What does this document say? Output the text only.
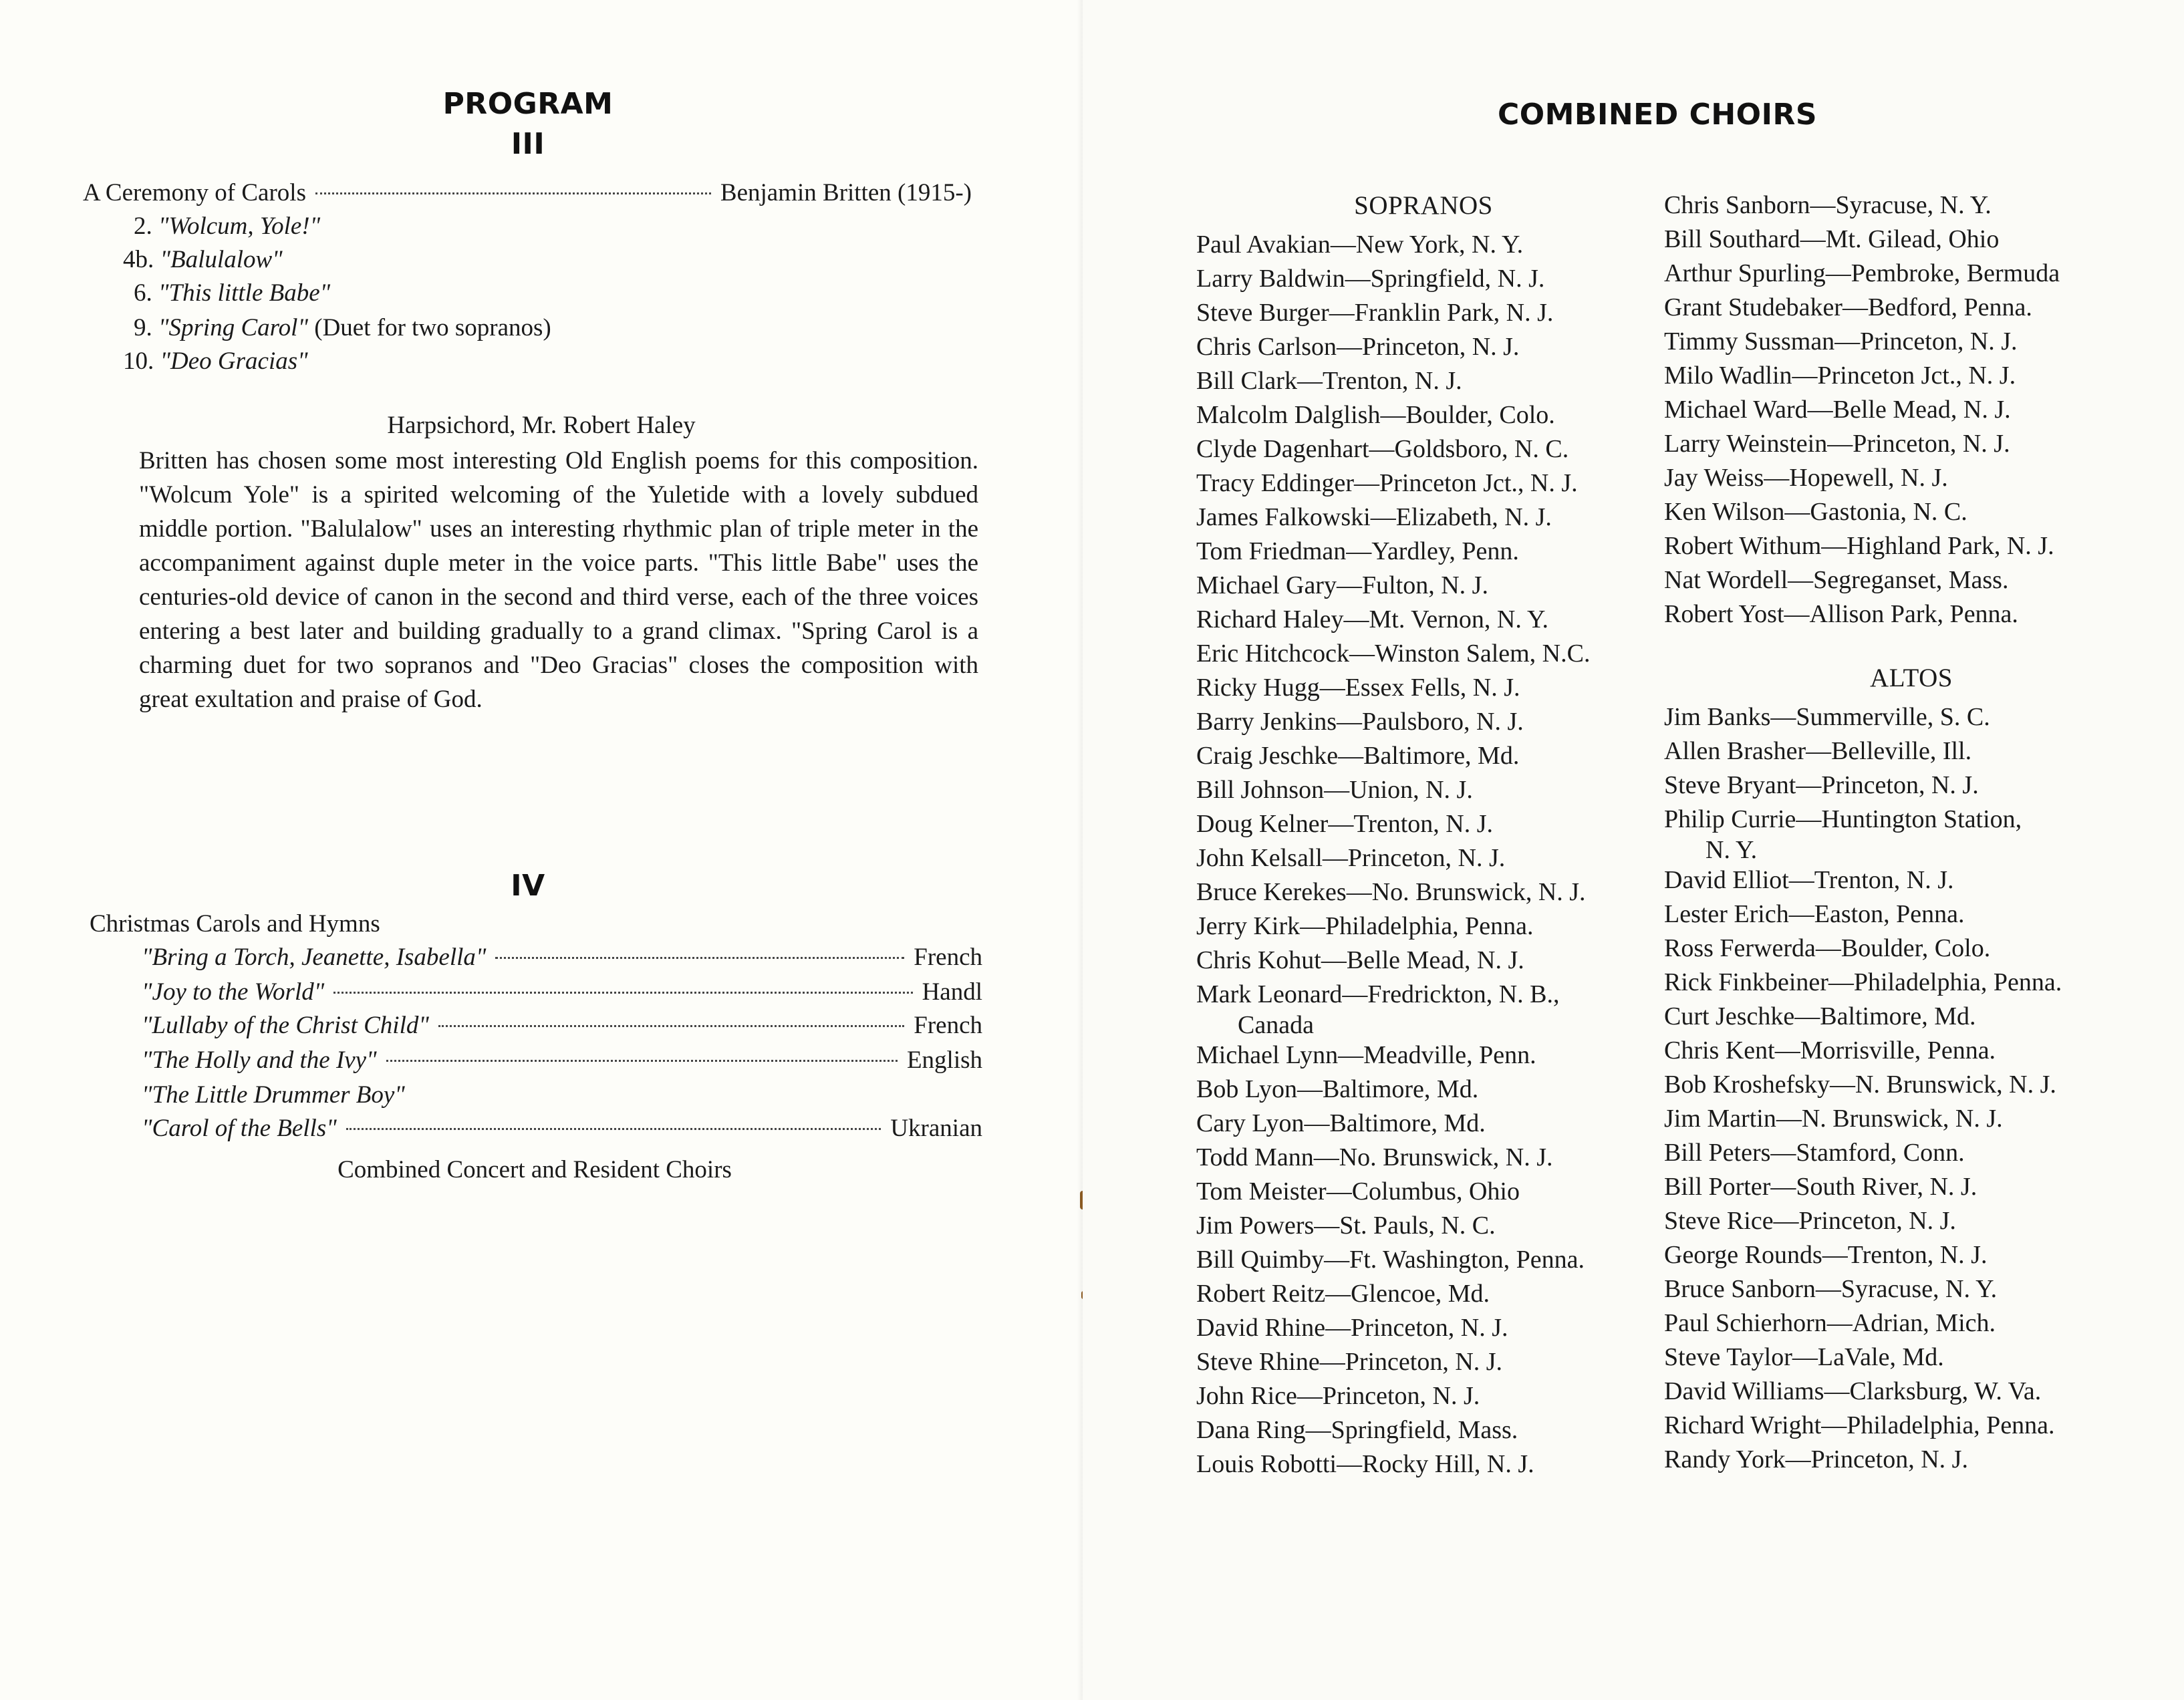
PROGRAM
III
A Ceremony of Carols	Benjamin Britten (1915-)
2. "Wolcum, Yole!"
4b. "Balulalow"
6. "This little Babe"
9. "Spring Carol" (Duet for two sopranos)
10. "Deo Gracias"
Harpsichord, Mr. Robert Haley

Britten has chosen some most interesting Old English poems for this composition. "Wolcum Yole" is a spirited welcoming of the Yuletide with a lovely subdued middle portion. "Balulalow" uses an interesting rhythmic plan of triple meter in the accompaniment against duple meter in the voice parts. "This little Babe" uses the centuries-old device of canon in the second and third verse, each of the three voices entering a best later and building gradually to a grand climax. "Spring Carol is a charming duet for two sopranos and "Deo Gracias" closes the composition with great exultation and praise of God.

IV
Christmas Carols and Hymns
"Bring a Torch, Jeanette, Isabella"	French
"Joy to the World"	Handl
"Lullaby of the Christ Child"	French
"The Holly and the Ivy"	English
"The Little Drummer Boy"
"Carol of the Bells"	Ukranian
Combined Concert and Resident Choirs
COMBINED CHOIRS
SOPRANOS
Paul Avakian—New York, N. Y.
Larry Baldwin—Springfield, N. J.
Steve Burger—Franklin Park, N. J.
Chris Carlson—Princeton, N. J.
Bill Clark—Trenton, N. J.
Malcolm Dalglish—Boulder, Colo.
Clyde Dagenhart—Goldsboro, N. C.
Tracy Eddinger—Princeton Jct., N. J.
James Falkowski—Elizabeth, N. J.
Tom Friedman—Yardley, Penn.
Michael Gary—Fulton, N. J.
Richard Haley—Mt. Vernon, N. Y.
Eric Hitchcock—Winston Salem, N.C.
Ricky Hugg—Essex Fells, N. J.
Barry Jenkins—Paulsboro, N. J.
Craig Jeschke—Baltimore, Md.
Bill Johnson—Union, N. J.
Doug Kelner—Trenton, N. J.
John Kelsall—Princeton, N. J.
Bruce Kerekes—No. Brunswick, N. J.
Jerry Kirk—Philadelphia, Penna.
Chris Kohut—Belle Mead, N. J.
Mark Leonard—Fredrickton, N. B.,
Canada
Michael Lynn—Meadville, Penn.
Bob Lyon—Baltimore, Md.
Cary Lyon—Baltimore, Md.
Todd Mann—No. Brunswick, N. J.
Tom Meister—Columbus, Ohio
Jim Powers—St. Pauls, N. C.
Bill Quimby—Ft. Washington, Penna.
Robert Reitz—Glencoe, Md.
David Rhine—Princeton, N. J.
Steve Rhine—Princeton, N. J.
John Rice—Princeton, N. J.
Dana Ring—Springfield, Mass.
Louis Robotti—Rocky Hill, N. J.
Chris Sanborn—Syracuse, N. Y.
Bill Southard—Mt. Gilead, Ohio
Arthur Spurling—Pembroke, Bermuda
Grant Studebaker—Bedford, Penna.
Timmy Sussman—Princeton, N. J.
Milo Wadlin—Princeton Jct., N. J.
Michael Ward—Belle Mead, N. J.
Larry Weinstein—Princeton, N. J.
Jay Weiss—Hopewell, N. J.
Ken Wilson—Gastonia, N. C.
Robert Withum—Highland Park, N. J.
Nat Wordell—Segreganset, Mass.
Robert Yost—Allison Park, Penna.
ALTOS
Jim Banks—Summerville, S. C.
Allen Brasher—Belleville, Ill.
Steve Bryant—Princeton, N. J.
Philip Currie—Huntington Station,
N. Y.
David Elliot—Trenton, N. J.
Lester Erich—Easton, Penna.
Ross Ferwerda—Boulder, Colo.
Rick Finkbeiner—Philadelphia, Penna.
Curt Jeschke—Baltimore, Md.
Chris Kent—Morrisville, Penna.
Bob Kroshefsky—N. Brunswick, N. J.
Jim Martin—N. Brunswick, N. J.
Bill Peters—Stamford, Conn.
Bill Porter—South River, N. J.
Steve Rice—Princeton, N. J.
George Rounds—Trenton, N. J.
Bruce Sanborn—Syracuse, N. Y.
Paul Schierhorn—Adrian, Mich.
Steve Taylor—LaVale, Md.
David Williams—Clarksburg, W. Va.
Richard Wright—Philadelphia, Penna.
Randy York—Princeton, N. J.
